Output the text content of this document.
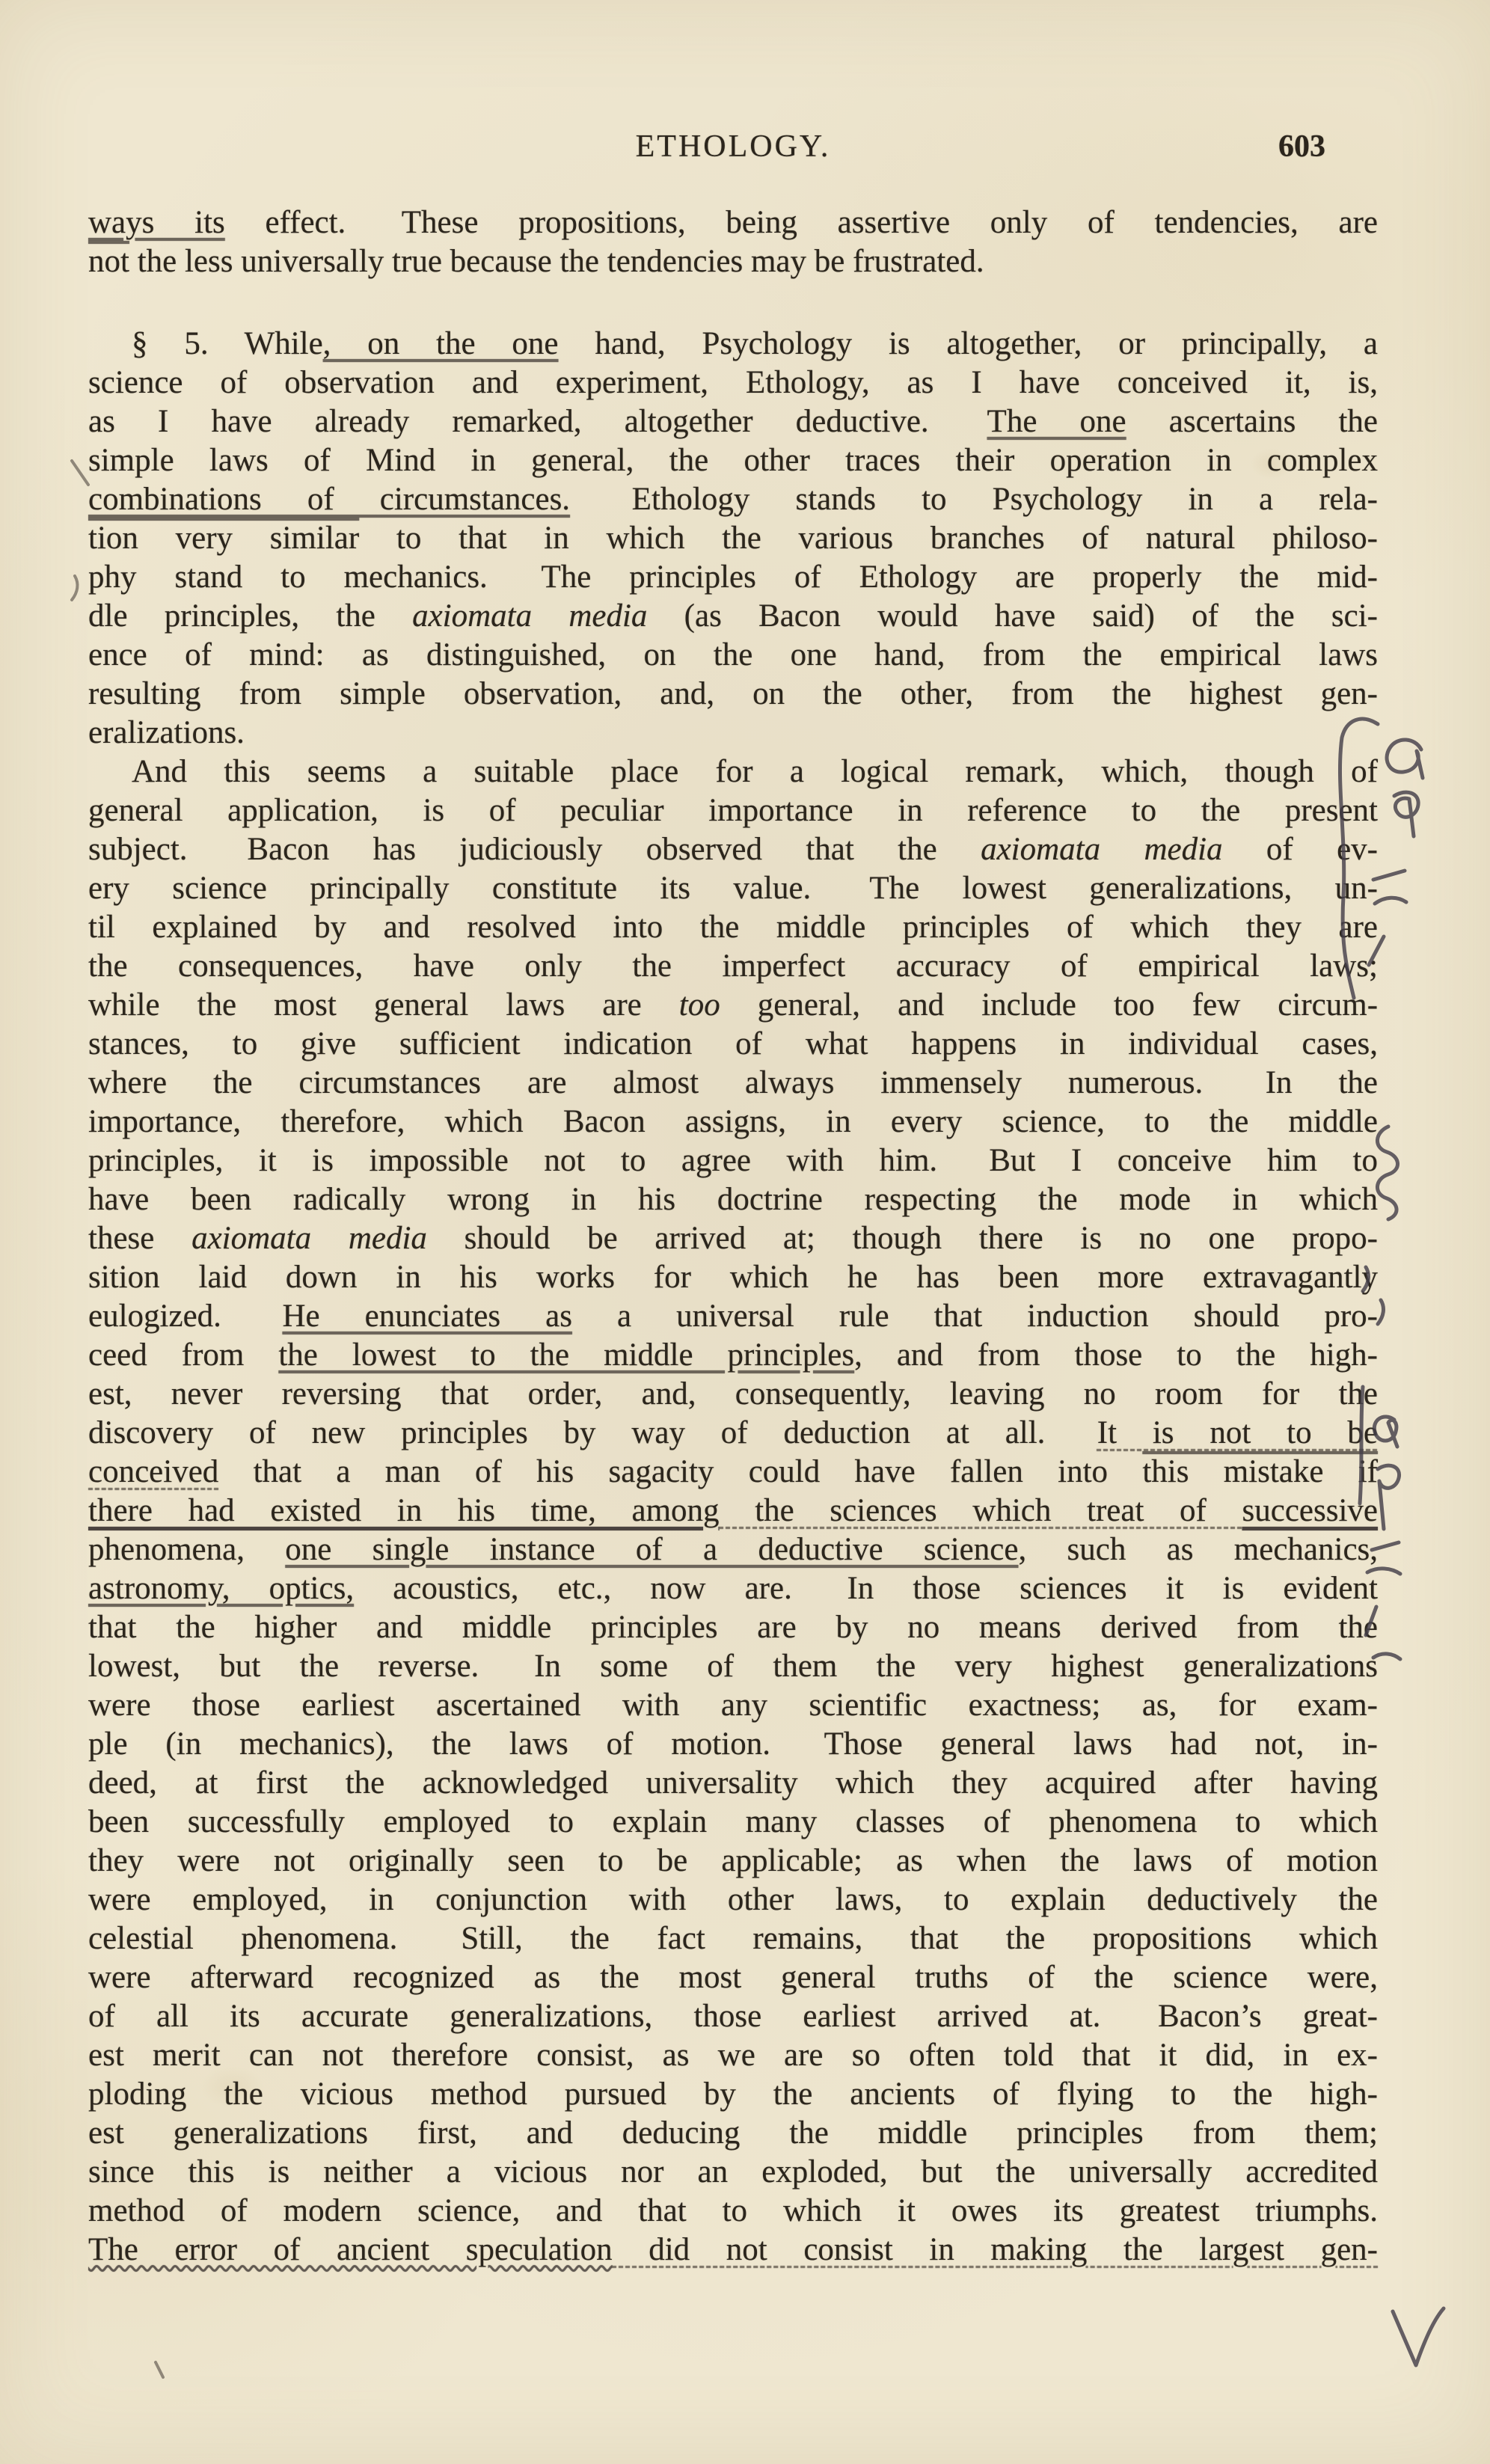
ETHOLOGY.	603

ways its effect.  These propositions, being assertive only of tendencies, are
$\overline{not}$ the less universally true because the tendencies may be frustrated.

§ 5. While, on the one hand, Psychology is altogether, or principally, a
science of observation and experiment, Ethology, as I have conceived it, is,
as I have already remarked, altogether deductive.  The one ascertains the
simple laws of Mind in general, the other traces their operation in complex
combinations of circumstances.  Ethology stands to Psychology in a rela-
tion very similar to that in which the various branches of natural philoso-
phy stand to mechanics.  The principles of Ethology are properly the mid-
dle principles, the axiomata media (as Bacon would have said) of the sci-
ence of mind: as distinguished, on the one hand, from the empirical laws
resulting from simple observation, and, on the other, from the highest gen-
eralizations.

And this seems a suitable place for a logical remark, which, though of
general application, is of peculiar importance in reference to the present
subject.  Bacon has judiciously observed that the axiomata media of ev-
ery science principally constitute its value.  The lowest generalizations, un-
til explained by and resolved into the middle principles of which they are
the consequences, have only the imperfect accuracy of empirical laws;
while the most general laws are too general, and include too few circum-
stances, to give sufficient indication of what happens in individual cases,
where the circumstances are almost always immensely numerous.  In the
importance, therefore, which Bacon assigns, in every science, to the middle
principles, it is impossible not to agree with him.  But I conceive him to
have been radically wrong in his doctrine respecting the mode in which
these axiomata media should be arrived at; though there is no one propo-
sition laid down in his works for which he has been more extravagantly
eulogized.  He enunciates as a universal rule that induction should pro-
ceed from the lowest to the middle principles, and from those to the high-
est, never reversing that order, and, consequently, leaving no room for the
discovery of new principles by way of deduction at all.  It is not to be
conceived that a man of his sagacity could have fallen into this mistake if
there had existed in his time, among the sciences which treat of successive
phenomena, one single instance of a deductive science, such as mechanics,
astronomy, optics, acoustics, etc., now are.  In those sciences it is evident
that the higher and middle principles are by no means derived from the
lowest, but the reverse.  In some of them the very highest generalizations
were those earliest ascertained with any scientific exactness; as, for exam-
ple (in mechanics), the laws of motion.  Those general laws had not, in-
deed, at first the acknowledged universality which they acquired after having
been successfully employed to explain many classes of phenomena to which
they were not originally seen to be applicable; as when the laws of motion
were employed, in conjunction with other laws, to explain deductively the
celestial phenomena.  Still, the fact remains, that the propositions which
were afterward recognized as the most general truths of the science were,
of all its accurate generalizations, those earliest arrived at.  Bacon’s great-
est merit can not therefore consist, as we are so often told that it did, in ex-
ploding the vicious method pursued by the ancients of flying to the high-
est generalizations first, and deducing the middle principles from them;
since this is neither a vicious nor an exploded, but the universally accredited
method of modern science, and that to which it owes its greatest triumphs.
The error of ancient speculation did not consist in making the largest gen-
